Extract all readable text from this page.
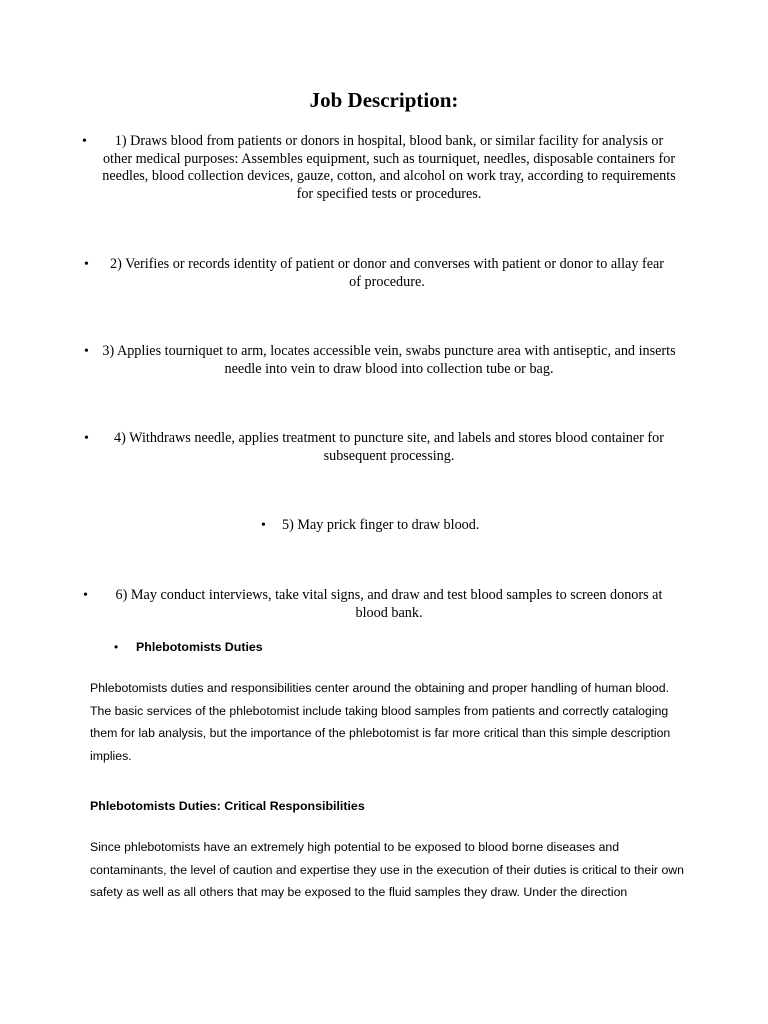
Job Description:
•	1) Draws blood from patients or donors in hospital, blood bank, or similar facility for analysis or other medical purposes: Assembles equipment, such as tourniquet, needles, disposable containers for needles, blood collection devices, gauze, cotton, and alcohol on work tray, according to requirements for specified tests or procedures.
•	2) Verifies or records identity of patient or donor and converses with patient or donor to allay fear of procedure.
• 3) Applies tourniquet to arm, locates accessible vein, swabs puncture area with antiseptic, and inserts needle into vein to draw blood into collection tube or bag.
•	4) Withdraws needle, applies treatment to puncture site, and labels and stores blood container for subsequent processing.
• 5) May prick finger to draw blood.
•	6) May conduct interviews, take vital signs, and draw and test blood samples to screen donors at blood bank.
• Phlebotomists Duties

Phlebotomists duties and responsibilities center around the obtaining and proper handling of human blood. The basic services of the phlebotomist include taking blood samples from patients and correctly cataloging them for lab analysis, but the importance of the phlebotomist is far more critical than this simple description implies.

Phlebotomists Duties: Critical Responsibilities

Since phlebotomists have an extremely high potential to be exposed to blood borne diseases and contaminants, the level of caution and expertise they use in the execution of their duties is critical to their own safety as well as all others that may be exposed to the fluid samples they draw. Under the direction
